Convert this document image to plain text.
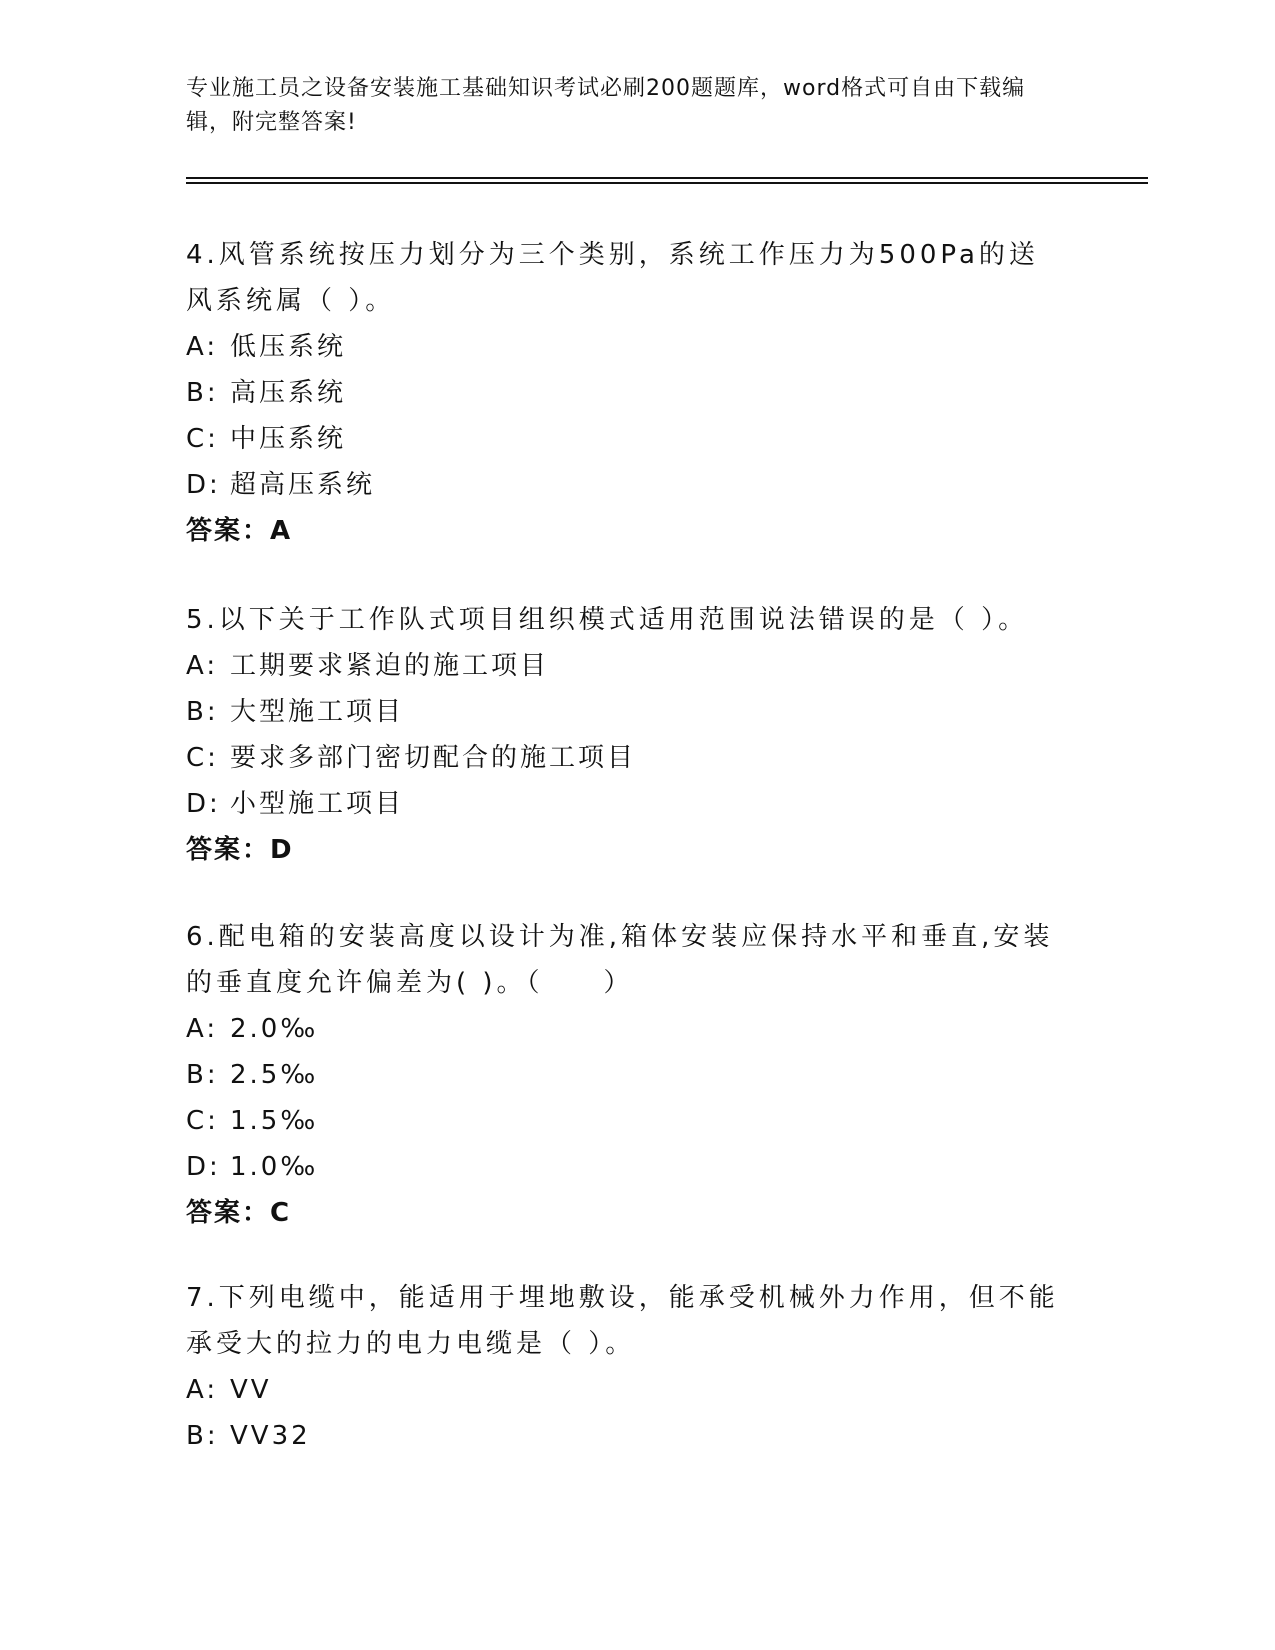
专业施工员之设备安装施工基础知识考试必刷200题题库，word格式可自由下载编辑，附完整答案!

4.风管系统按压力划分为三个类别，系统工作压力为500Pa的送风系统属（ ）。

A: 低压系统

B: 高压系统

C: 中压系统

D: 超高压系统

答案：A

5.以下关于工作队式项目组织模式适用范围说法错误的是（ ）。

A: 工期要求紧迫的施工项目

B: 大型施工项目

C: 要求多部门密切配合的施工项目

D: 小型施工项目

答案：D

6.配电箱的安装高度以设计为准,箱体安装应保持水平和垂直,安装的垂直度允许偏差为( )。（　　）

A: 2.0‰

B: 2.5‰

C: 1.5‰

D: 1.0‰

答案：C

7.下列电缆中，能适用于埋地敷设，能承受机械外力作用，但不能承受大的拉力的电力电缆是（ ）。

A: VV

B: VV32
